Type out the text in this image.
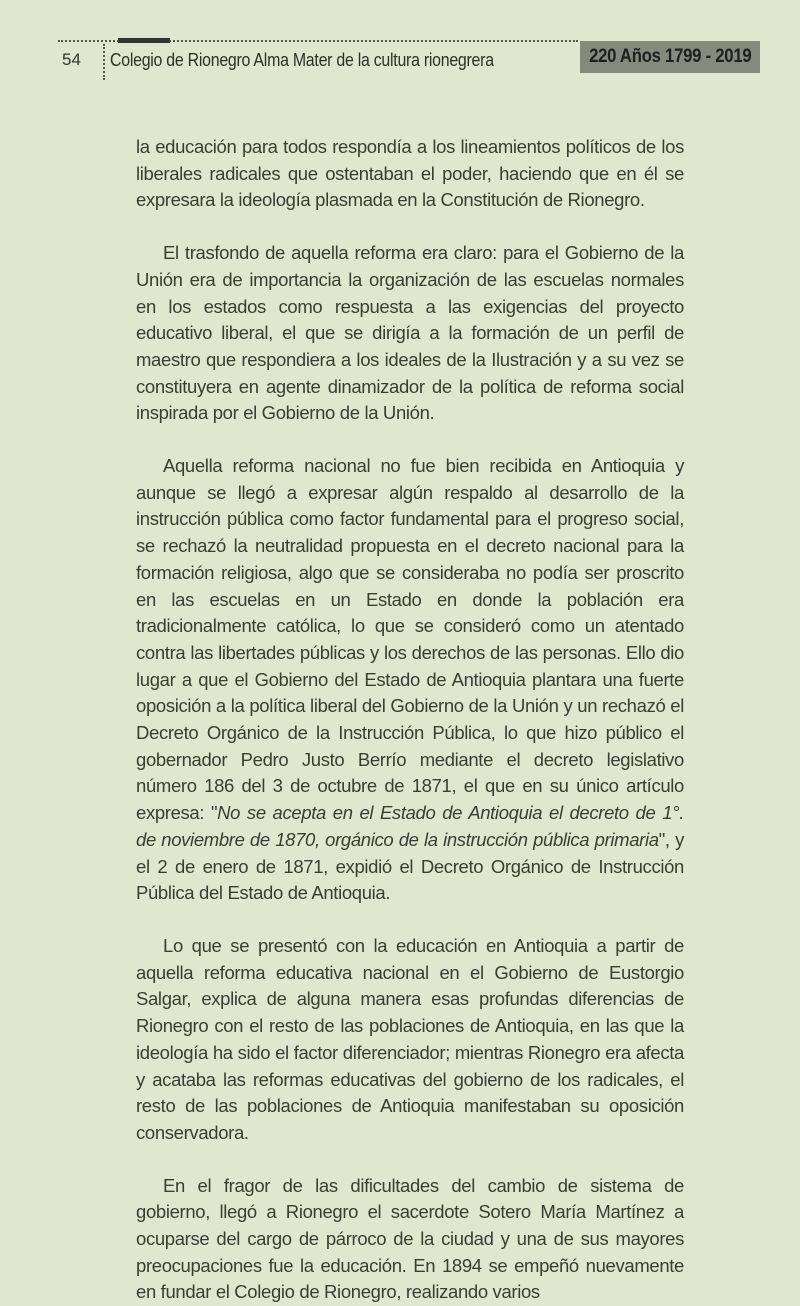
54 Colegio de Rionegro Alma Mater de la cultura rionegrera	220 Años 1799 - 2019

la educación para todos respondía a los lineamientos políticos de los liberales radicales que ostentaban el poder, haciendo que en él se expresara la ideología plasmada en la Constitución de Rionegro.

El trasfondo de aquella reforma era claro: para el Gobierno de la Unión era de importancia la organización de las escuelas normales en los estados como respuesta a las exigencias del proyecto educativo liberal, el que se dirigía a la formación de un perfil de maestro que respondiera a los ideales de la Ilustración y a su vez se constituyera en agente dinamizador de la política de reforma social inspirada por el Gobierno de la Unión.

Aquella reforma nacional no fue bien recibida en Antioquia y aunque se llegó a expresar algún respaldo al desarrollo de la instrucción pública como factor fundamental para el progreso social, se rechazó la neutralidad propuesta en el decreto nacional para la formación religiosa, algo que se consideraba no podía ser proscrito en las escuelas en un Estado en donde la población era tradicionalmente católica, lo que se consideró como un atentado contra las libertades públicas y los derechos de las personas. Ello dio lugar a que el Gobierno del Estado de Antioquia plantara una fuerte oposición a la política liberal del Gobierno de la Unión y un rechazó el Decreto Orgánico de la Instrucción Pública, lo que hizo público el gobernador Pedro Justo Berrío mediante el decreto legislativo número 186 del 3 de octubre de 1871, el que en su único artículo expresa: "No se acepta en el Estado de Antioquia el decreto de 1°. de noviembre de 1870, orgánico de la instrucción pública primaria", y el 2 de enero de 1871, expidió el Decreto Orgánico de Instrucción Pública del Estado de Antioquia.

Lo que se presentó con la educación en Antioquia a partir de aquella reforma educativa nacional en el Gobierno de Eustorgio Salgar, explica de alguna manera esas profundas diferencias de Rionegro con el resto de las poblaciones de Antioquia, en las que la ideología ha sido el factor diferenciador; mientras Rionegro era afecta y acataba las reformas educativas del gobierno de los radicales, el resto de las poblaciones de Antioquia manifestaban su oposición conservadora.

En el fragor de las dificultades del cambio de sistema de gobierno, llegó a Rionegro el sacerdote Sotero María Martínez a ocuparse del cargo de párroco de la ciudad y una de sus mayores preocupaciones fue la educación. En 1894 se empeñó nuevamente en fundar el Colegio de Rionegro, realizando varios
